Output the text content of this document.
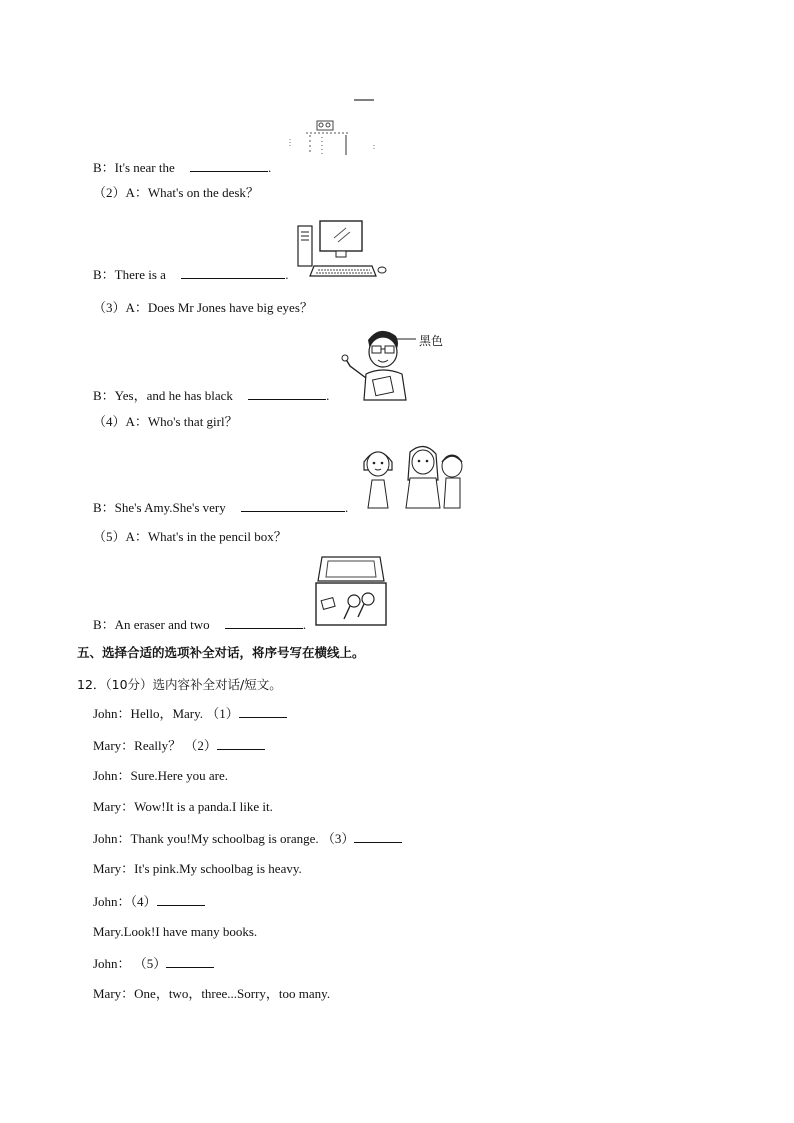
B：It's near the	.
（2）A：What's on the desk？
B：There is a	.
（3）A：Does Mr Jones have big eyes？
黑色
B：Yes，and he has black	.
（4）A：Who's that girl？
B：She's Amy.She's very	.
（5）A：What's in the pencil box？
B：An eraser and two	.
五、选择合适的选项补全对话，将序号写在横线上。
12．（10分）选内容补全对话/短文。
John：Hello，Mary. （1）
Mary：Really？ （2）
John：Sure.Here you are.
Mary：Wow!It is a panda.I like it.
John：Thank you!My schoolbag is orange. （3）
Mary：It's pink.My schoolbag is heavy.
John：（4）
Mary.Look!I have many books.
John： （5）
Mary：One，two，three...Sorry，too many.
